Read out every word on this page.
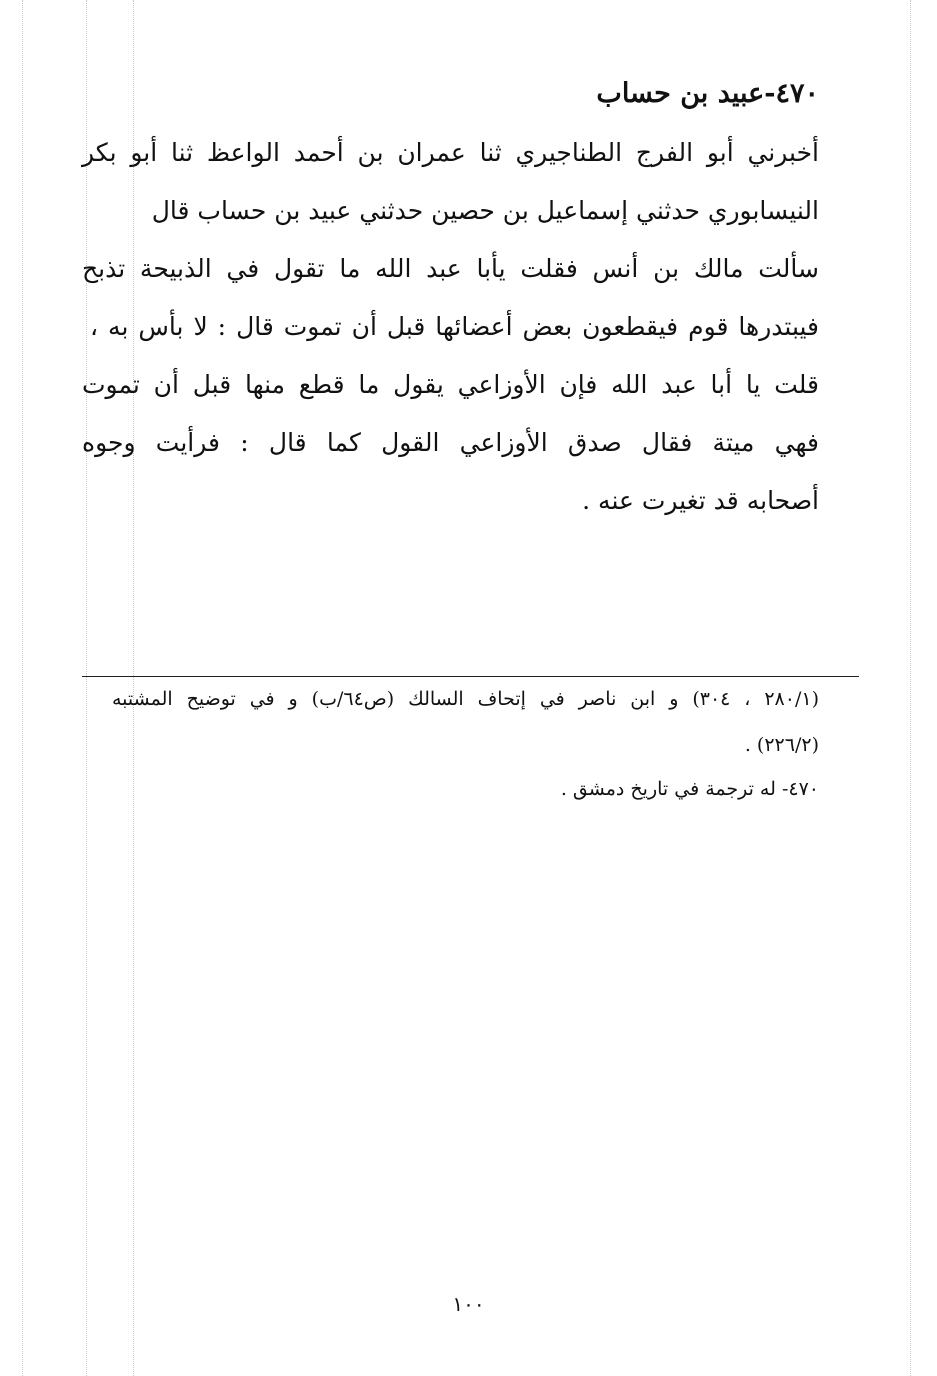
٤٧٠-عبيد بن حساب
أخبرني أبو الفرج الطناجيري ثنا عمران بن أحمد الواعظ ثنا أبو بكر
النيسابوري حدثني إسماعيل بن حصين حدثني عبيد بن حساب قال
سألت مالك بن أنس فقلت يأبا عبد الله ما تقول في الذبيحة تذبح
فيبتدرها قوم فيقطعون بعض أعضائها قبل أن تموت قال : لا بأس به ،
قلت يا أبا عبد الله فإن الأوزاعي يقول ما قطع منها قبل أن تموت
فهي ميتة فقال صدق الأوزاعي القول كما قال : فرأيت وجوه
أصحابه قد تغيرت عنه .
(٢٨٠/١ ، ٣٠٤) و ابن ناصر في إتحاف السالك (ص٦٤/ب) و في توضيح المشتبه
(٢٢٦/٢) .
٤٧٠- له ترجمة في تاريخ دمشق .
١٠٠
